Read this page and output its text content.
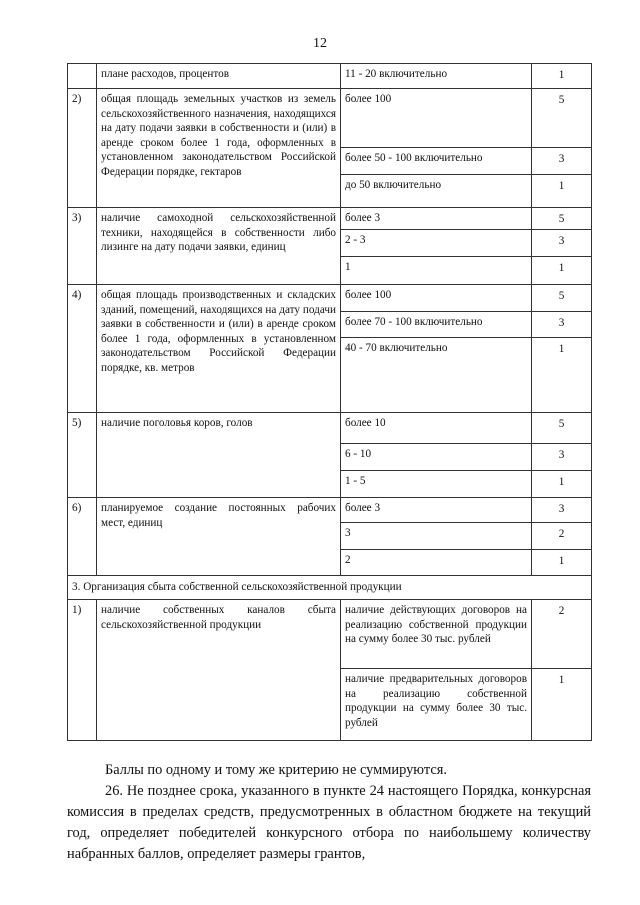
12
	плане расходов, процентов	11 - 20 включительно	1
2)	общая площадь земельных участков из земель сельскохозяйственного назначения, находящихся на дату подачи заявки в собственности и (или) в аренде сроком более 1 года, оформленных в установленном законодательством Российской Федерации порядке, гектаров	более 100	5
		более 50 - 100 включительно	3
		до 50 включительно	1
3)	наличие самоходной сельскохозяйственной техники, находящейся в собственности либо лизинге на дату подачи заявки, единиц	более 3	5
		2 - 3	3
		1	1
4)	общая площадь производственных и складских зданий, помещений, находящихся на дату подачи заявки в собственности и (или) в аренде сроком более 1 года, оформленных в установленном законодательством Российской Федерации порядке, кв. метров	более 100	5
		более 70 - 100 включительно	3
		40 - 70 включительно	1
5)	наличие поголовья коров, голов	более 10	5
		6 - 10	3
		1 - 5	1
6)	планируемое создание постоянных рабочих мест, единиц	более 3	3
		3	2
		2	1
3. Организация сбыта собственной сельскохозяйственной продукции			
1)	наличие собственных каналов сбыта сельскохозяйственной продукции	наличие действующих договоров на реализацию собственной продукции на сумму более 30 тыс. рублей	2
		наличие предварительных договоров на реализацию собственной продукции на сумму более 30 тыс. рублей	1

Баллы по одному и тому же критерию не суммируются.

26. Не позднее срока, указанного в пункте 24 настоящего Порядка, конкурсная комиссия в пределах средств, предусмотренных в областном бюджете на текущий год, определяет победителей конкурсного отбора по наибольшему количеству набранных баллов, определяет размеры грантов,
